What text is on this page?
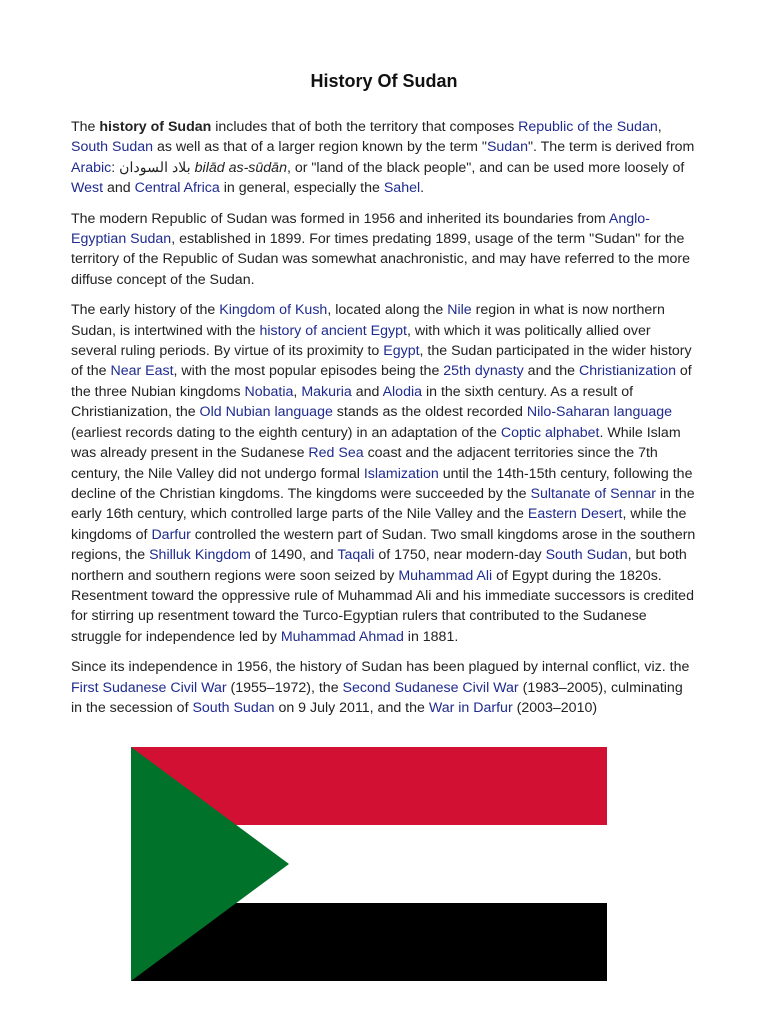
History Of Sudan

The history of Sudan includes that of both the territory that composes Republic of the Sudan, South Sudan as well as that of a larger region known by the term "Sudan". The term is derived from Arabic: بلاد السودان bilād as-sūdān, or "land of the black people", and can be used more loosely of West and Central Africa in general, especially the Sahel.

The modern Republic of Sudan was formed in 1956 and inherited its boundaries from Anglo-Egyptian Sudan, established in 1899. For times predating 1899, usage of the term "Sudan" for the territory of the Republic of Sudan was somewhat anachronistic, and may have referred to the more diffuse concept of the Sudan.

The early history of the Kingdom of Kush, located along the Nile region in what is now northern Sudan, is intertwined with the history of ancient Egypt, with which it was politically allied over several ruling periods. By virtue of its proximity to Egypt, the Sudan participated in the wider history of the Near East, with the most popular episodes being the 25th dynasty and the Christianization of the three Nubian kingdoms Nobatia, Makuria and Alodia in the sixth century. As a result of Christianization, the Old Nubian language stands as the oldest recorded Nilo-Saharan language (earliest records dating to the eighth century) in an adaptation of the Coptic alphabet. While Islam was already present in the Sudanese Red Sea coast and the adjacent territories since the 7th century, the Nile Valley did not undergo formal Islamization until the 14th-15th century, following the decline of the Christian kingdoms. The kingdoms were succeeded by the Sultanate of Sennar in the early 16th century, which controlled large parts of the Nile Valley and the Eastern Desert, while the kingdoms of Darfur controlled the western part of Sudan. Two small kingdoms arose in the southern regions, the Shilluk Kingdom of 1490, and Taqali of 1750, near modern-day South Sudan, but both northern and southern regions were soon seized by Muhammad Ali of Egypt during the 1820s. Resentment toward the oppressive rule of Muhammad Ali and his immediate successors is credited for stirring up resentment toward the Turco-Egyptian rulers that contributed to the Sudanese struggle for independence led by Muhammad Ahmad in 1881.

Since its independence in 1956, the history of Sudan has been plagued by internal conflict, viz. the First Sudanese Civil War (1955–1972), the Second Sudanese Civil War (1983–2005), culminating in the secession of South Sudan on 9 July 2011, and the War in Darfur (2003–2010)
